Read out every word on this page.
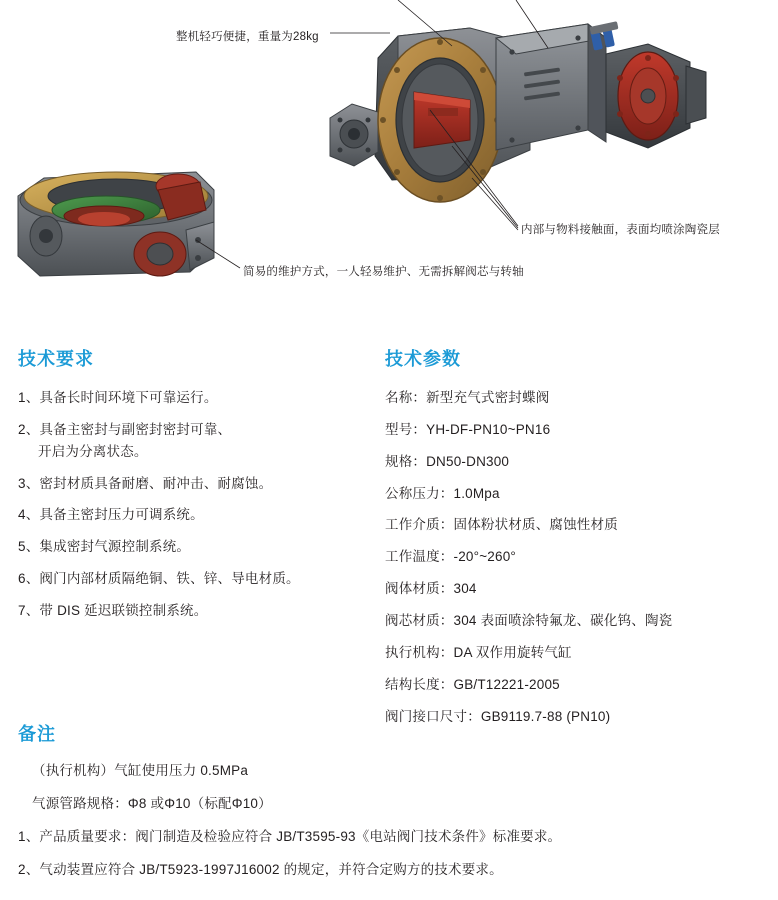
整机轻巧便捷，重量为28kg
内部与物料接触面，表面均喷涂陶瓷层
简易的维护方式，一人轻易维护、无需拆解阀芯与转轴
技术要求
1、具备长时间环境下可靠运行。
2、具备主密封与副密封密封可靠、
开启为分离状态。
3、密封材质具备耐磨、耐冲击、耐腐蚀。
4、具备主密封压力可调系统。
5、集成密封气源控制系统。
6、阀门内部材质隔绝铜、铁、锌、导电材质。
7、带 DIS 延迟联锁控制系统。
技术参数
名称：新型充气式密封蝶阀
型号：YH-DF-PN10~PN16
规格：DN50-DN300
公称压力：1.0Mpa
工作介质：固体粉状材质、腐蚀性材质
工作温度：-20°~260°
阀体材质：304
阀芯材质：304 表面喷涂特氟龙、碳化钨、陶瓷
执行机构：DA 双作用旋转气缸
结构长度：GB/T12221-2005
阀门接口尺寸：GB9119.7-88 (PN10)
备注
（执行机构）气缸使用压力 0.5MPa
气源管路规格：Φ8 或Φ10（标配Φ10）
1、产品质量要求：阀门制造及检验应符合 JB/T3595-93《电站阀门技术条件》标准要求。
2、气动装置应符合 JB/T5923-1997J16002 的规定，并符合定购方的技术要求。
